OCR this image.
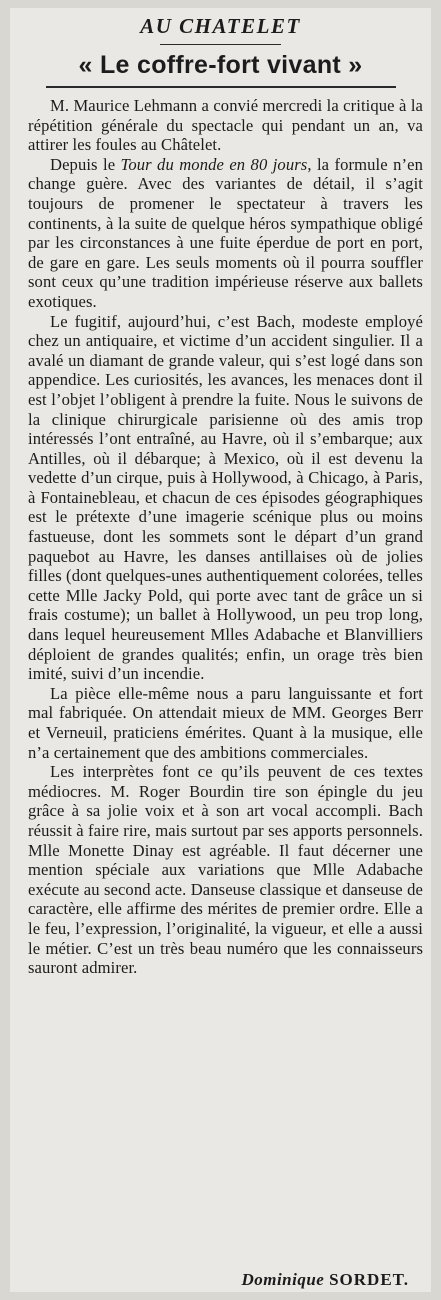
AU CHATELET
« Le coffre-fort vivant »

M. Maurice Lehmann a convié mercredi la critique à la répétition générale du spectacle qui pendant un an, va attirer les foules au Châtelet.

Depuis le Tour du monde en 80 jours, la formule n’en change guère. Avec des variantes de détail, il s’agit toujours de promener le spectateur à travers les continents, à la suite de quelque héros sympathique obligé par les circonstances à une fuite éperdue de port en port, de gare en gare. Les seuls moments où il pourra souffler sont ceux qu’une tradition impérieuse réserve aux ballets exotiques.

Le fugitif, aujourd’hui, c’est Bach, modeste employé chez un antiquaire, et victime d’un accident singulier. Il a avalé un diamant de grande valeur, qui s’est logé dans son appendice. Les curiosités, les avances, les menaces dont il est l’objet l’obligent à prendre la fuite. Nous le suivons de la clinique chirurgicale parisienne où des amis trop intéressés l’ont entraîné, au Havre, où il s’embarque; aux Antilles, où il débarque; à Mexico, où il est devenu la vedette d’un cirque, puis à Hollywood, à Chicago, à Paris, à Fontainebleau, et chacun de ces épisodes géographiques est le prétexte d’une imagerie scénique plus ou moins fastueuse, dont les sommets sont le départ d’un grand paquebot au Havre, les danses antillaises où de jolies filles (dont quelques-unes authentiquement colorées, telles cette Mlle Jacky Pold, qui porte avec tant de grâce un si frais costume); un ballet à Hollywood, un peu trop long, dans lequel heureusement Mlles Adabache et Blanvilliers déploient de grandes qualités; enfin, un orage très bien imité, suivi d’un incendie.

La pièce elle-même nous a paru languissante et fort mal fabriquée. On attendait mieux de MM. Georges Berr et Verneuil, praticiens émérites. Quant à la musique, elle n’a certainement que des ambitions commerciales.

Les interprètes font ce qu’ils peuvent de ces textes médiocres. M. Roger Bourdin tire son épingle du jeu grâce à sa jolie voix et à son art vocal accompli. Bach réussit à faire rire, mais surtout par ses apports personnels. Mlle Monette Dinay est agréable. Il faut décerner une mention spéciale aux variations que Mlle Adabache exécute au second acte. Danseuse classique et danseuse de caractère, elle affirme des mérites de premier ordre. Elle a le feu, l’expression, l’originalité, la vigueur, et elle a aussi le métier. C’est un très beau numéro que les connaisseurs sauront admirer.

Dominique SORDET.
